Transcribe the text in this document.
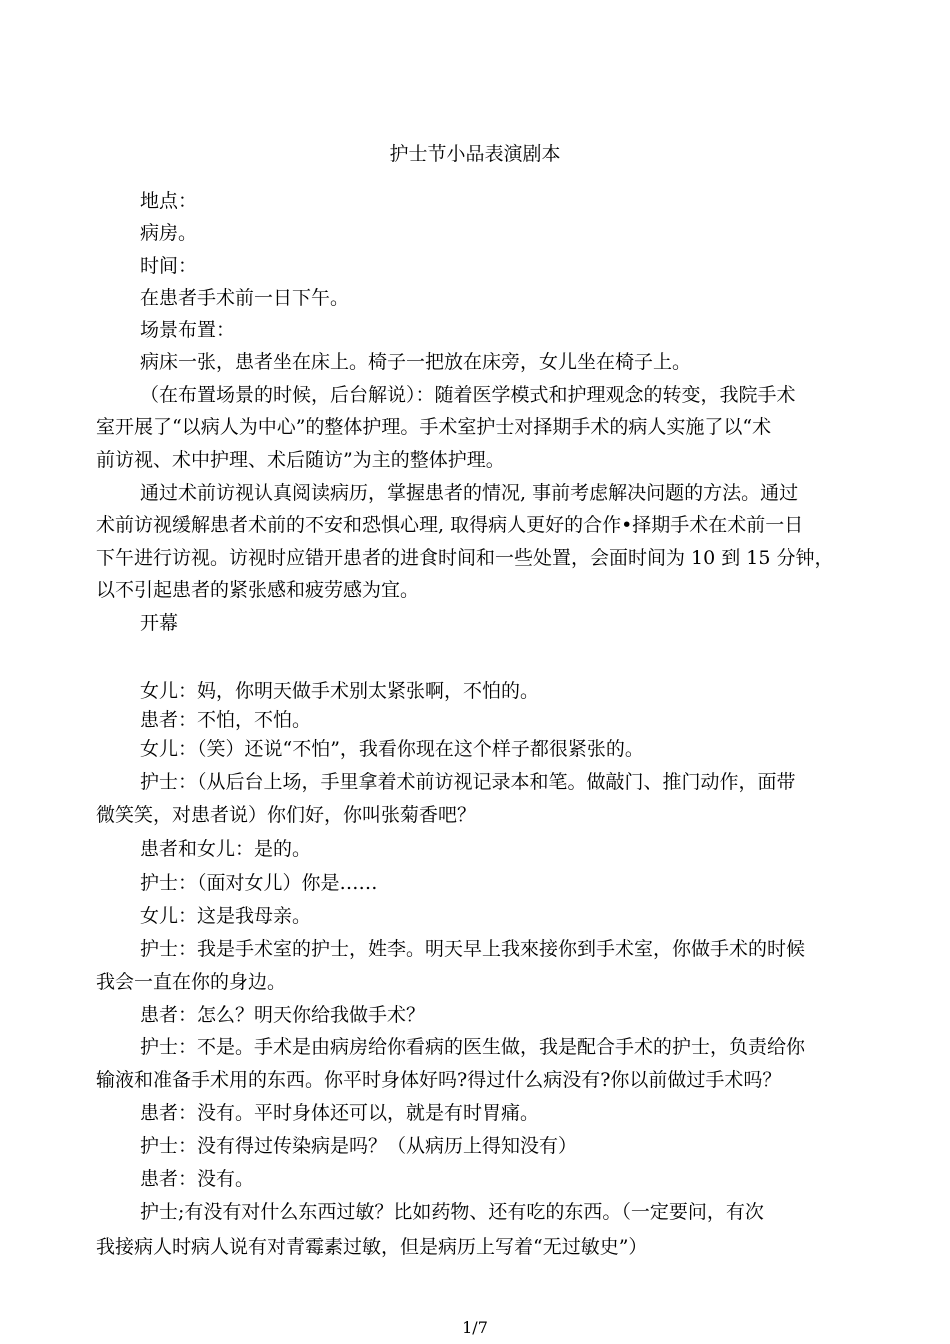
护士节小品表演剧本
地点：
病房。
时间：
在患者手术前一日下午。
场景布置：
病床一张，患者坐在床上。椅子一把放在床旁，女儿坐在椅子上。
（在布置场景的时候，后台解说）：随着医学模式和护理观念的转变，我院手术
室开展了“以病人为中心”的整体护理。手术室护士对择期手术的病人实施了以“术
前访视、术中护理、术后随访”为主的整体护理。
通过术前访视认真阅读病历，掌握患者的情况, 事前考虑解决问题的方法。通过
术前访视缓解患者术前的不安和恐惧心理, 取得病人更好的合作•择期手术在术前一日
下午进行访视。访视时应错开患者的进食时间和一些处置，会面时间为 10 到 15 分钟，
以不引起患者的紧张感和疲劳感为宜。
开幕
女儿：妈，你明天做手术别太紧张啊，不怕的。
患者：不怕，不怕。
女儿：（笑）还说“不怕”，我看你现在这个样子都很紧张的。
护士：（从后台上场，手里拿着术前访视记录本和笔。做敲门、推门动作，面带
微笑笑，对患者说）你们好，你叫张菊香吧？
患者和女儿：是的。
护士：（面对女儿）你是……
女儿：这是我母亲。
护士：我是手术室的护士，姓李。明天早上我來接你到手术室，你做手术的时候
我会一直在你的身边。
患者：怎么？明天你给我做手术？
护士：不是。手术是由病房给你看病的医生做，我是配合手术的护士，负责给你
输液和准备手术用的东西。你平时身体好吗?得过什么病没有?你以前做过手术吗？
患者：没有。平时身体还可以，就是有时胃痛。
护士：没有得过传染病是吗？（从病历上得知没有）
患者：没有。
护士;有没有对什么东西过敏？比如药物、还有吃的东西。（一定要问，有次
我接病人时病人说有对青霉素过敏，但是病历上写着“无过敏史”）
1/7
